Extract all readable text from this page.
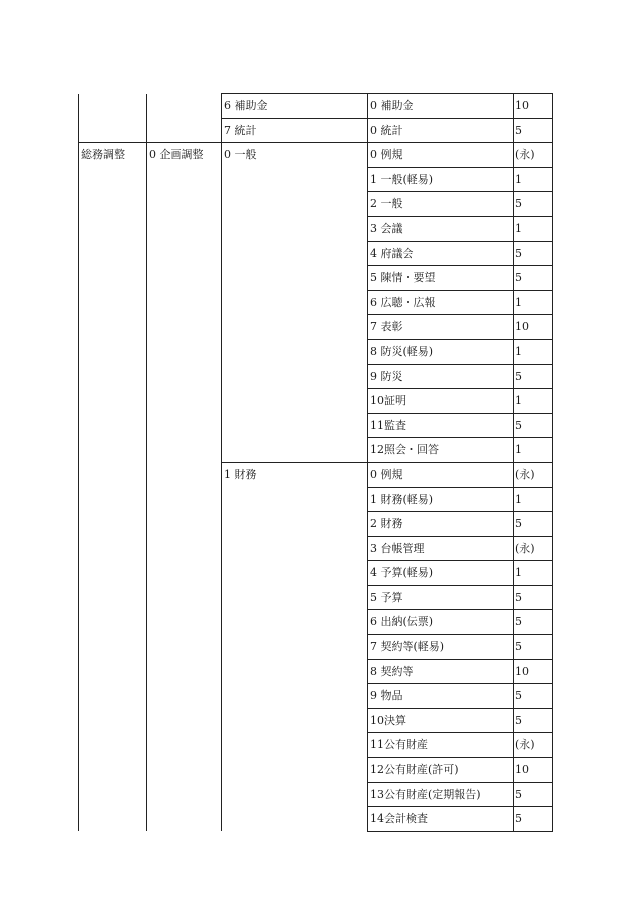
		6 補助金	0 補助金	10
		7 統計	0 統計	5
総務調整	0 企画調整	0 一般	0 例規	(永)
			1 一般(軽易)	1
			2 一般	5
			3 会議	1
			4 府議会	5
			5 陳情・要望	5
			6 広聴・広報	1
			7 表彰	10
			8 防災(軽易)	1
			9 防災	5
			10証明	1
			11監査	5
			12照会・回答	1
		1 財務	0 例規	(永)
			1 財務(軽易)	1
			2 財務	5
			3 台帳管理	(永)
			4 予算(軽易)	1
			5 予算	5
			6 出納(伝票)	5
			7 契約等(軽易)	5
			8 契約等	10
			9 物品	5
			10決算	5
			11公有財産	(永)
			12公有財産(許可)	10
			13公有財産(定期報告)	5
			14会計検査	5
